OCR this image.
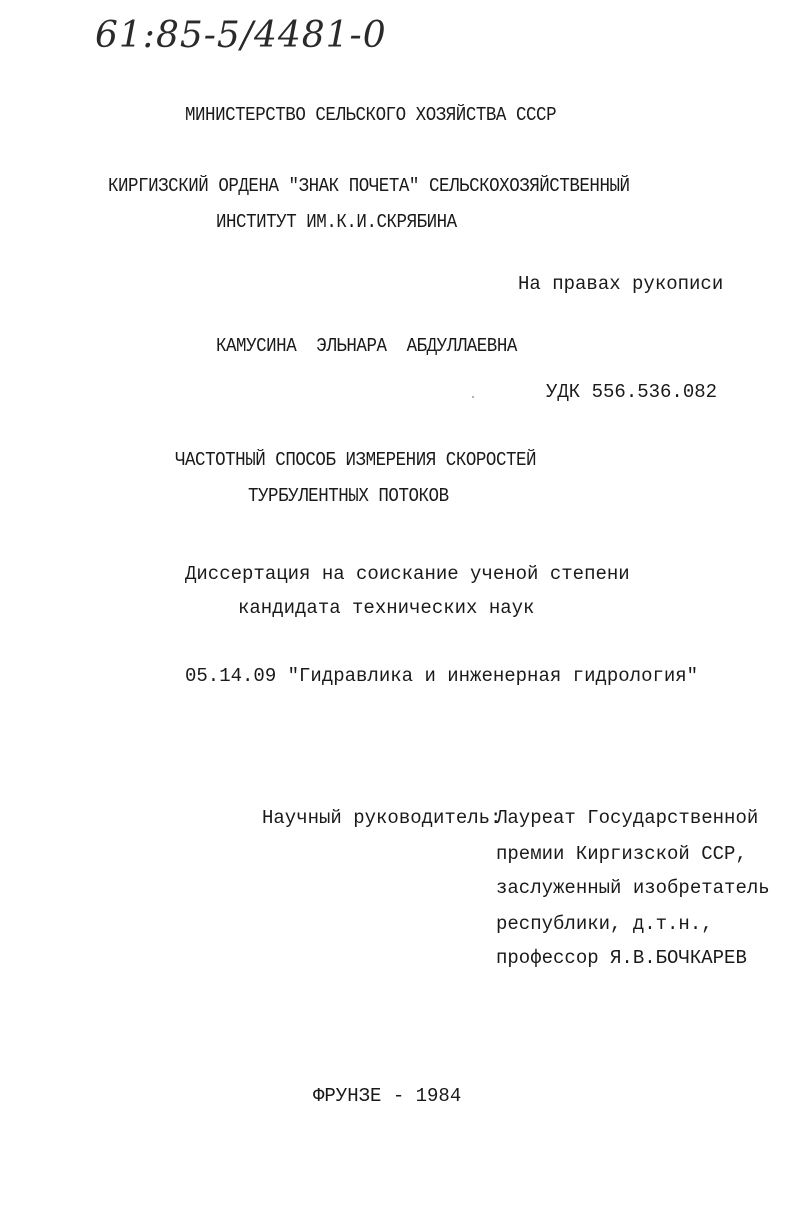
61:85-5/4481-0
МИНИСТЕРСТВО СЕЛЬСКОГО ХОЗЯЙСТВА СССР
КИРГИЗСКИЙ ОРДЕНА "ЗНАК ПОЧЕТА" СЕЛЬСКОХОЗЯЙСТВЕННЫЙ
ИНСТИТУТ ИМ.К.И.СКРЯБИНА
На правах рукописи
КАМУСИНА  ЭЛЬНАРА  АБДУЛЛАЕВНА
УДК 556.536.082
ЧАСТОТНЫЙ СПОСОБ ИЗМЕРЕНИЯ СКОРОСТЕЙ
ТУРБУЛЕНТНЫХ ПОТОКОВ
Диссертация на соискание ученой степени
кандидата технических наук
05.14.09 "Гидравлика и инженерная гидрология"
Научный руководитель:
Лауреат Государственной
премии Киргизской ССР,
заслуженный изобретатель
республики, д.т.н.,
профессор Я.В.БОЧКАРЕВ
ФРУНЗЕ - 1984
